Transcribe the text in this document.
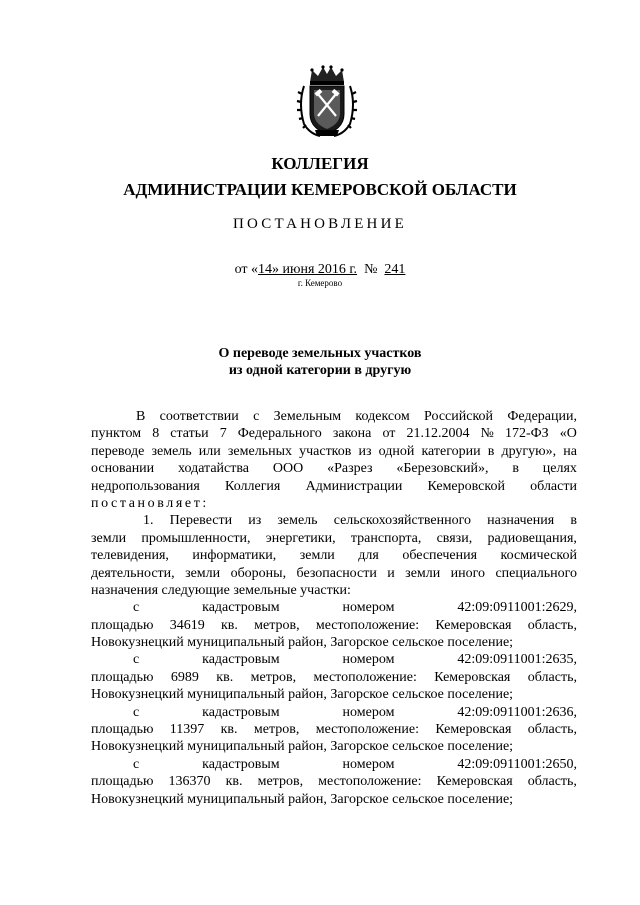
КОЛЛЕГИЯ
АДМИНИСТРАЦИИ КЕМЕРОВСКОЙ ОБЛАСТИ
ПОСТАНОВЛЕНИЕ
от «14» июня 2016 г. № 241
г. Кемерово
О переводе земельных участков
из одной категории в другую
В соответствии с Земельным кодексом Российской Федерации,
пунктом 8 статьи 7 Федерального закона от 21.12.2004 № 172-ФЗ «О
переводе земель или земельных участков из одной категории в другую», на
основании ходатайства ООО «Разрез «Березовский», в целях
недропользования Коллегия Администрации Кемеровской области
постановляет:
1. Перевести из земель сельскохозяйственного назначения в
земли промышленности, энергетики, транспорта, связи, радиовещания,
телевидения, информатики, земли для обеспечения космической
деятельности, земли обороны, безопасности и земли иного специального
назначения следующие земельные участки:
с	кадастровым	номером	42:09:0911001:2629,
площадью 34619 кв. метров, местоположение: Кемеровская область,
Новокузнецкий муниципальный район, Загорское сельское поселение;
с	кадастровым	номером	42:09:0911001:2635,
площадью 6989 кв. метров, местоположение: Кемеровская область,
Новокузнецкий муниципальный район, Загорское сельское поселение;
с	кадастровым	номером	42:09:0911001:2636,
площадью 11397 кв. метров, местоположение: Кемеровская область,
Новокузнецкий муниципальный район, Загорское сельское поселение;
с	кадастровым	номером	42:09:0911001:2650,
площадью 136370 кв. метров, местоположение: Кемеровская область,
Новокузнецкий муниципальный район, Загорское сельское поселение;
